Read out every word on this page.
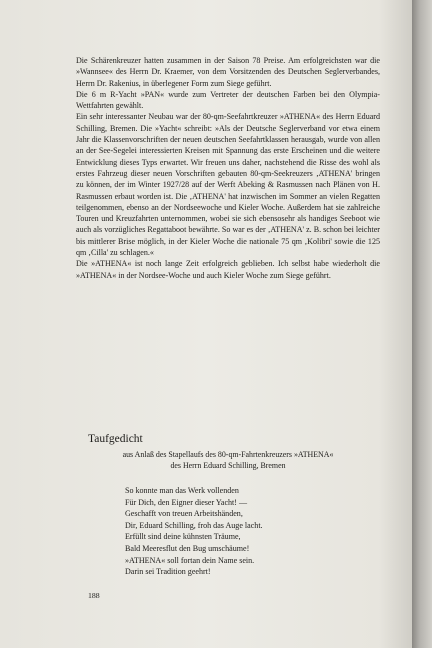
Die Schärenkreuzer hatten zusammen in der Saison 78 Preise. Am erfolgreichsten war die »Wannsee« des Herrn Dr. Kraemer, von dem Vorsitzenden des Deutschen Seglerverbandes, Herrn Dr. Rakenius, in überlegener Form zum Siege geführt.

Die 6 m R-Yacht »PAN« wurde zum Vertreter der deutschen Farben bei den Olympia-Wettfahrten gewählt.

Ein sehr interessanter Neubau war der 80-qm-Seefahrtkreuzer »ATHENA« des Herrn Eduard Schilling, Bremen. Die »Yacht« schreibt: »Als der Deutsche Seglerverband vor etwa einem Jahr die Klassenvorschriften der neuen deutschen Seefahrtklassen herausgab, wurde von allen an der See-Segelei interessierten Kreisen mit Spannung das erste Erscheinen und die weitere Entwicklung dieses Typs erwartet. Wir freuen uns daher, nachstehend die Risse des wohl als erstes Fahrzeug dieser neuen Vorschriften gebauten 80-qm-Seekreuzers ‚ATHENA' bringen zu können, der im Winter 1927/28 auf der Werft Abeking & Rasmussen nach Plänen von H. Rasmussen erbaut worden ist. Die ‚ATHENA' hat inzwischen im Sommer an vielen Regatten teilgenommen, ebenso an der Nordseewoche und Kieler Woche. Außerdem hat sie zahlreiche Touren und Kreuzfahrten unternommen, wobei sie sich ebensosehr als handiges Seeboot wie auch als vorzügliches Regattaboot bewährte. So war es der ‚ATHENA' z. B. schon bei leichter bis mittlerer Brise möglich, in der Kieler Woche die nationale 75 qm ‚Kolibri' sowie die 125 qm ‚Cilla' zu schlagen.«

Die »ATHENA« ist noch lange Zeit erfolgreich geblieben. Ich selbst habe wiederholt die »ATHENA« in der Nordsee-Woche und auch Kieler Woche zum Siege geführt.

Taufgedicht
aus Anlaß des Stapellaufs des 80-qm-Fahrtenkreuzers »ATHENA«
des Herrn Eduard Schilling, Bremen
So konnte man das Werk vollenden
Für Dich, den Eigner dieser Yacht! —
Geschafft von treuen Arbeitshänden,
Dir, Eduard Schilling, froh das Auge lacht.
Erfüllt sind deine kühnsten Träume,
Bald Meeresflut den Bug umschäume!
»ATHENA« soll fortan dein Name sein.
Darin sei Tradition geehrt!
188
